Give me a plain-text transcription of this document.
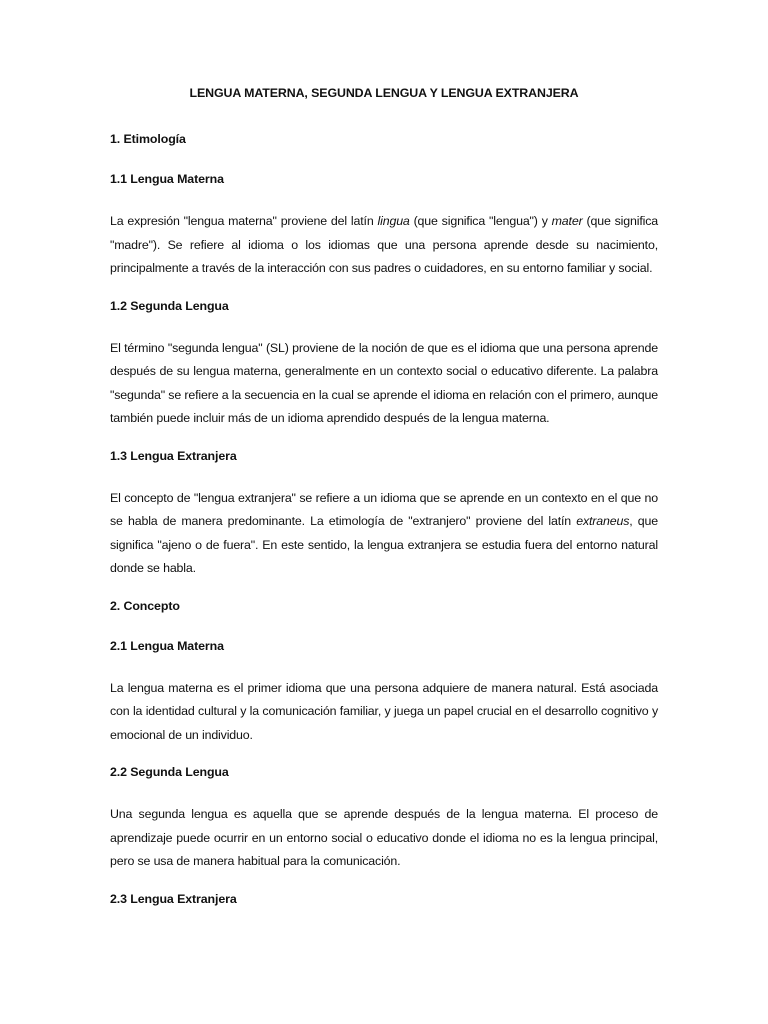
LENGUA MATERNA, SEGUNDA LENGUA Y LENGUA EXTRANJERA
1. Etimología
1.1 Lengua Materna

La expresión "lengua materna" proviene del latín lingua (que significa "lengua") y mater (que significa "madre"). Se refiere al idioma o los idiomas que una persona aprende desde su nacimiento, principalmente a través de la interacción con sus padres o cuidadores, en su entorno familiar y social.

1.2 Segunda Lengua

El término "segunda lengua" (SL) proviene de la noción de que es el idioma que una persona aprende después de su lengua materna, generalmente en un contexto social o educativo diferente. La palabra "segunda" se refiere a la secuencia en la cual se aprende el idioma en relación con el primero, aunque también puede incluir más de un idioma aprendido después de la lengua materna.

1.3 Lengua Extranjera

El concepto de "lengua extranjera" se refiere a un idioma que se aprende en un contexto en el que no se habla de manera predominante. La etimología de "extranjero" proviene del latín extraneus, que significa "ajeno o de fuera". En este sentido, la lengua extranjera se estudia fuera del entorno natural donde se habla.

2. Concepto
2.1 Lengua Materna

La lengua materna es el primer idioma que una persona adquiere de manera natural. Está asociada con la identidad cultural y la comunicación familiar, y juega un papel crucial en el desarrollo cognitivo y emocional de un individuo.

2.2 Segunda Lengua

Una segunda lengua es aquella que se aprende después de la lengua materna. El proceso de aprendizaje puede ocurrir en un entorno social o educativo donde el idioma no es la lengua principal, pero se usa de manera habitual para la comunicación.

2.3 Lengua Extranjera
